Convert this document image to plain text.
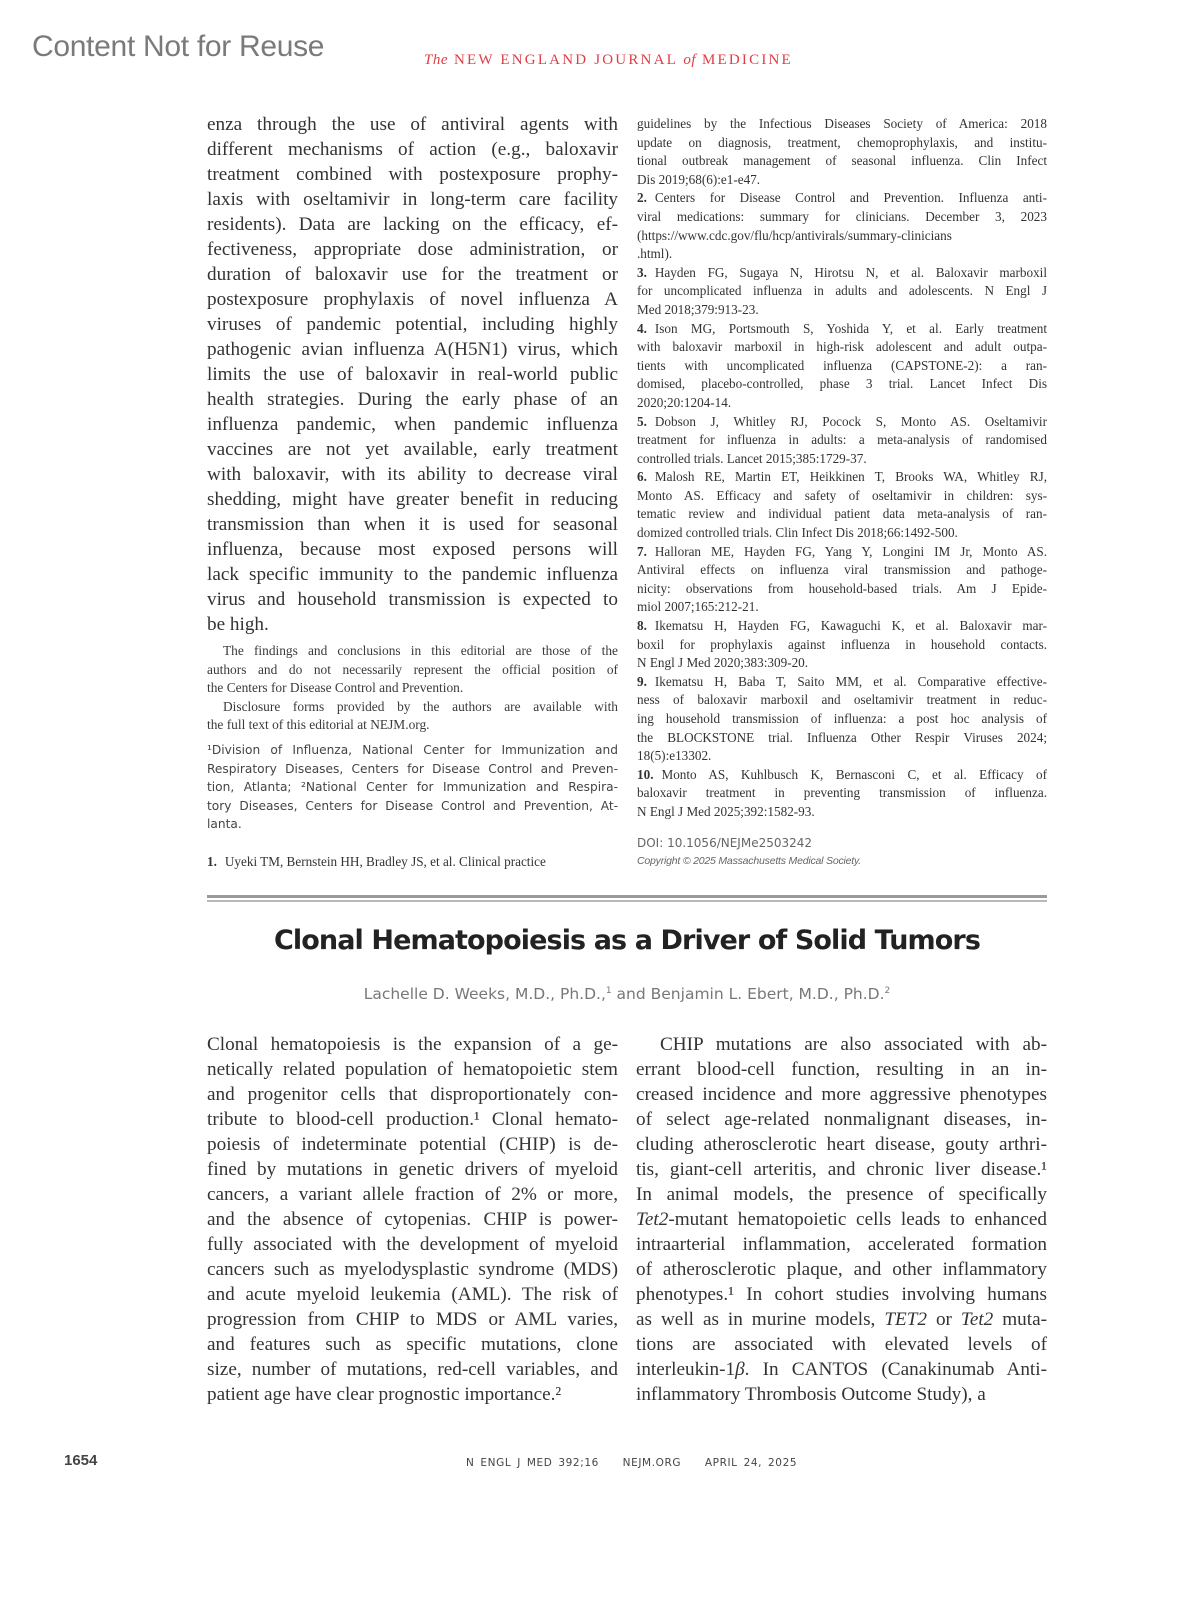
Content Not for Reuse	The NEW ENGLAND JOURNAL of MEDICINE
enza through the use of antiviral agents with
different mechanisms of action (e.g., baloxavir
treatment combined with postexposure prophy-
laxis with oseltamivir in long-term care facility
residents). Data are lacking on the efficacy, ef-
fectiveness, appropriate dose administration, or
duration of baloxavir use for the treatment or
postexposure prophylaxis of novel influenza A
viruses of pandemic potential, including highly
pathogenic avian influenza A(H5N1) virus, which
limits the use of baloxavir in real-world public
health strategies. During the early phase of an
influenza pandemic, when pandemic influenza
vaccines are not yet available, early treatment
with baloxavir, with its ability to decrease viral
shedding, might have greater benefit in reducing
transmission than when it is used for seasonal
influenza, because most exposed persons will
lack specific immunity to the pandemic influenza
virus and household transmission is expected to
be high.
The findings and conclusions in this editorial are those of the
authors and do not necessarily represent the official position of
the Centers for Disease Control and Prevention.
Disclosure forms provided by the authors are available with
the full text of this editorial at NEJM.org.
¹Division of Influenza, National Center for Immunization and
Respiratory Diseases, Centers for Disease Control and Preven-
tion, Atlanta; ²National Center for Immunization and Respira-
tory Diseases, Centers for Disease Control and Prevention, At-
lanta.
1. Uyeki TM, Bernstein HH, Bradley JS, et al. Clinical practice
guidelines by the Infectious Diseases Society of America: 2018
update on diagnosis, treatment, chemoprophylaxis, and institu-
tional outbreak management of seasonal influenza. Clin Infect
Dis 2019;68(6):e1-e47.
2. Centers for Disease Control and Prevention. Influenza anti-
viral medications: summary for clinicians. December 3, 2023
(https://www.cdc.gov/flu/hcp/antivirals/summary-clinicians
.html).
3. Hayden FG, Sugaya N, Hirotsu N, et al. Baloxavir marboxil
for uncomplicated influenza in adults and adolescents. N Engl J
Med 2018;379:913-23.
4. Ison MG, Portsmouth S, Yoshida Y, et al. Early treatment
with baloxavir marboxil in high-risk adolescent and adult outpa-
tients with uncomplicated influenza (CAPSTONE-2): a ran-
domised, placebo-controlled, phase 3 trial. Lancet Infect Dis
2020;20:1204-14.
5. Dobson J, Whitley RJ, Pocock S, Monto AS. Oseltamivir
treatment for influenza in adults: a meta-analysis of randomised
controlled trials. Lancet 2015;385:1729-37.
6. Malosh RE, Martin ET, Heikkinen T, Brooks WA, Whitley RJ,
Monto AS. Efficacy and safety of oseltamivir in children: sys-
tematic review and individual patient data meta-analysis of ran-
domized controlled trials. Clin Infect Dis 2018;66:1492-500.
7. Halloran ME, Hayden FG, Yang Y, Longini IM Jr, Monto AS.
Antiviral effects on influenza viral transmission and pathoge-
nicity: observations from household-based trials. Am J Epide-
miol 2007;165:212-21.
8. Ikematsu H, Hayden FG, Kawaguchi K, et al. Baloxavir mar-
boxil for prophylaxis against influenza in household contacts.
N Engl J Med 2020;383:309-20.
9. Ikematsu H, Baba T, Saito MM, et al. Comparative effective-
ness of baloxavir marboxil and oseltamivir treatment in reduc-
ing household transmission of influenza: a post hoc analysis of
the BLOCKSTONE trial. Influenza Other Respir Viruses 2024;
18(5):e13302.
10. Monto AS, Kuhlbusch K, Bernasconi C, et al. Efficacy of
baloxavir treatment in preventing transmission of influenza.
N Engl J Med 2025;392:1582-93.
DOI: 10.1056/NEJMe2503242
Copyright © 2025 Massachusetts Medical Society.
Clonal Hematopoiesis as a Driver of Solid Tumors
Lachelle D. Weeks, M.D., Ph.D.,$^1$ and Benjamin L. Ebert, M.D., Ph.D.$^2$
Clonal hematopoiesis is the expansion of a ge-
netically related population of hematopoietic stem
and progenitor cells that disproportionately con-
tribute to blood-cell production.¹ Clonal hemato-
poiesis of indeterminate potential (CHIP) is de-
fined by mutations in genetic drivers of myeloid
cancers, a variant allele fraction of 2% or more,
and the absence of cytopenias. CHIP is power-
fully associated with the development of myeloid
cancers such as myelodysplastic syndrome (MDS)
and acute myeloid leukemia (AML). The risk of
progression from CHIP to MDS or AML varies,
and features such as specific mutations, clone
size, number of mutations, red-cell variables, and
patient age have clear prognostic importance.²
CHIP mutations are also associated with ab-
errant blood-cell function, resulting in an in-
creased incidence and more aggressive phenotypes
of select age-related nonmalignant diseases, in-
cluding atherosclerotic heart disease, gouty arthri-
tis, giant-cell arteritis, and chronic liver disease.¹
In animal models, the presence of specifically
Tet2-mutant hematopoietic cells leads to enhanced
intraarterial inflammation, accelerated formation
of atherosclerotic plaque, and other inflammatory
phenotypes.¹ In cohort studies involving humans
as well as in murine models, TET2 or Tet2 muta-
tions are associated with elevated levels of
interleukin-1β. In CANTOS (Canakinumab Anti-
inflammatory Thrombosis Outcome Study), a
1654	N ENGL J MED 392;16    NEJM.ORG    APRIL 24, 2025
